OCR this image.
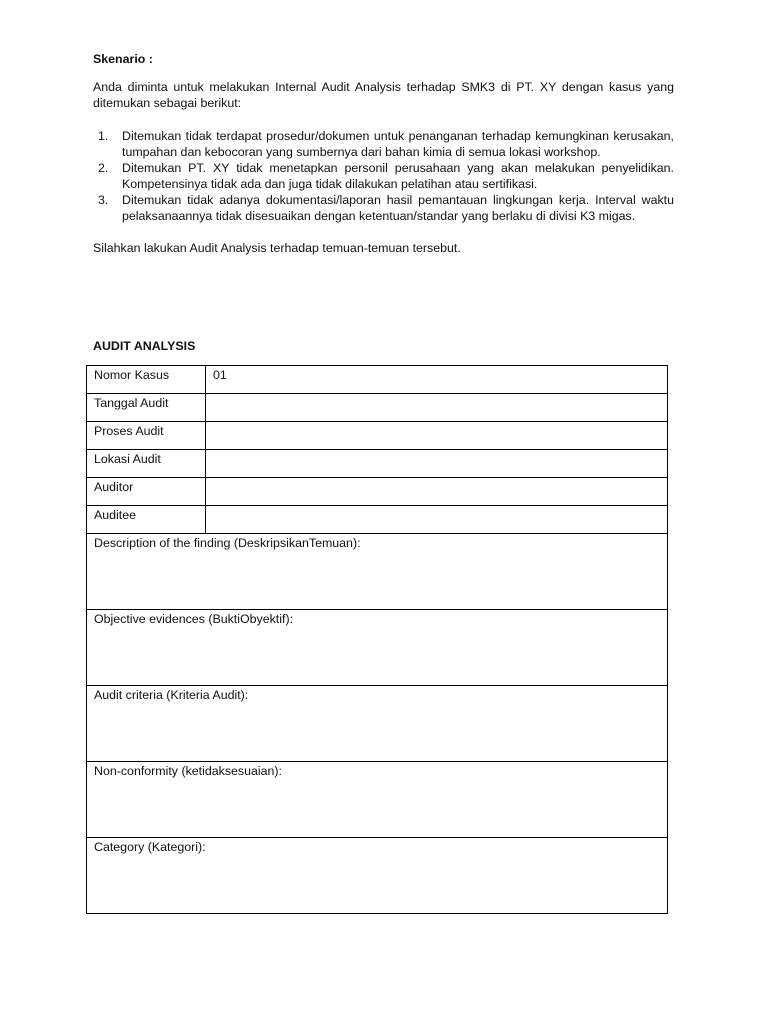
Skenario :

Anda diminta untuk melakukan Internal Audit Analysis terhadap SMK3 di PT. XY dengan kasus yang ditemukan sebagai berikut:

1. Ditemukan tidak terdapat prosedur/dokumen untuk penanganan terhadap kemungkinan kerusakan, tumpahan dan kebocoran yang sumbernya dari bahan kimia di semua lokasi workshop.
2. Ditemukan PT. XY tidak menetapkan personil perusahaan yang akan melakukan penyelidikan. Kompetensinya tidak ada dan juga tidak dilakukan pelatihan atau sertifikasi.
3. Ditemukan tidak adanya dokumentasi/laporan hasil pemantauan lingkungan kerja. Interval waktu pelaksanaannya tidak disesuaikan dengan ketentuan/standar yang berlaku di divisi K3 migas.

Silahkan lakukan Audit Analysis terhadap temuan-temuan tersebut.

AUDIT ANALYSIS

Nomor Kasus	01
Tanggal Audit	
Proses Audit	
Lokasi Audit	
Auditor	
Auditee	
Description of the finding (DeskripsikanTemuan):	
Objective evidences (BuktiObyektif):	
Audit criteria (Kriteria Audit):	
Non-conformity (ketidaksesuaian):	
Category (Kategori):	
